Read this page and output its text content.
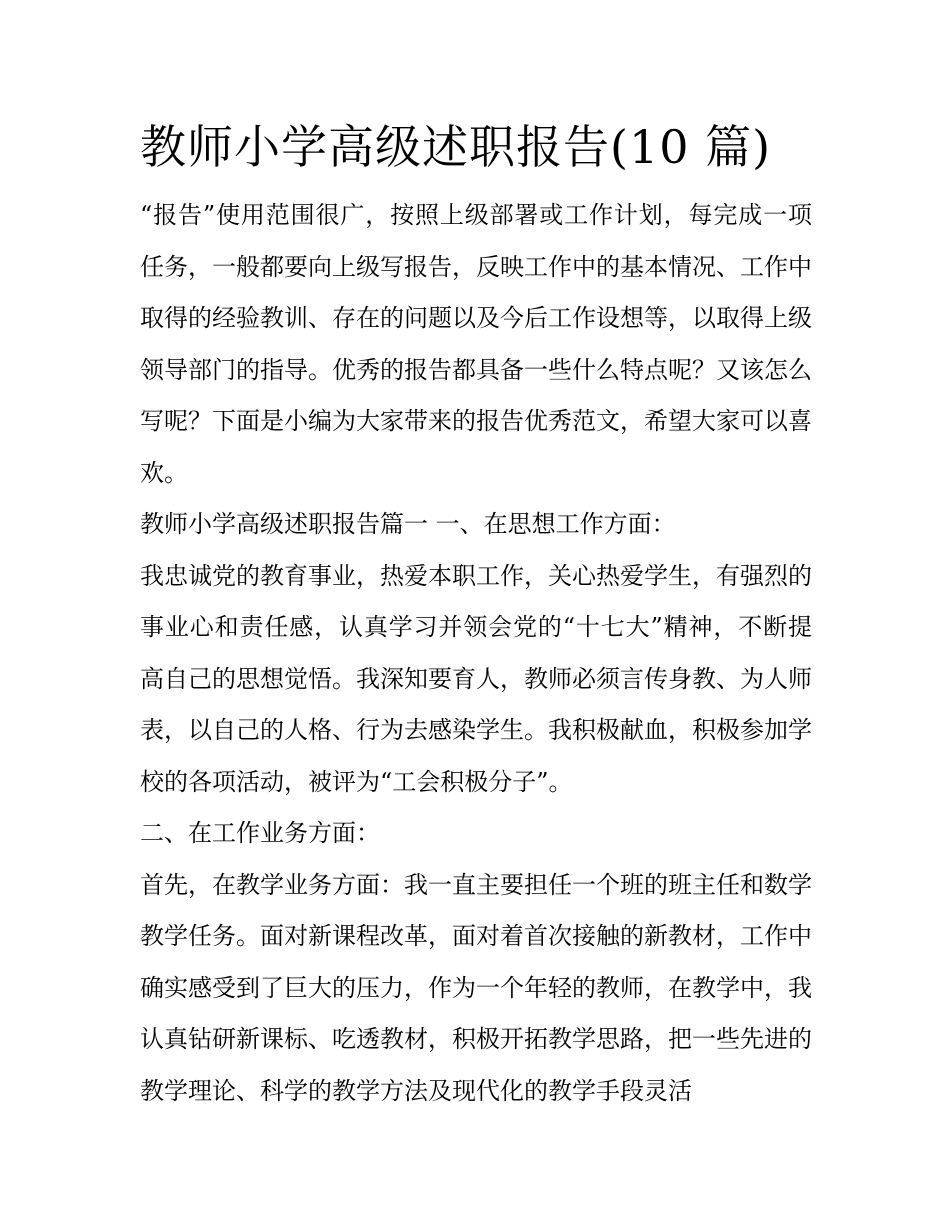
教师小学高级述职报告(10 篇)

“报告”使用范围很广，按照上级部署或工作计划，每完成一项任务，一般都要向上级写报告，反映工作中的基本情况、工作中取得的经验教训、存在的问题以及今后工作设想等，以取得上级领导部门的指导。优秀的报告都具备一些什么特点呢？又该怎么写呢？下面是小编为大家带来的报告优秀范文，希望大家可以喜欢。

教师小学高级述职报告篇一 一、在思想工作方面：

我忠诚党的教育事业，热爱本职工作，关心热爱学生，有强烈的事业心和责任感，认真学习并领会党的“十七大”精神，不断提高自己的思想觉悟。我深知要育人，教师必须言传身教、为人师表，以自己的人格、行为去感染学生。我积极献血，积极参加学校的各项活动，被评为“工会积极分子”。

二、在工作业务方面：

首先，在教学业务方面：我一直主要担任一个班的班主任和数学教学任务。面对新课程改革，面对着首次接触的新教材，工作中确实感受到了巨大的压力，作为一个年轻的教师，在教学中，我认真钻研新课标、吃透教材，积极开拓教学思路，把一些先进的教学理论、科学的教学方法及现代化的教学手段灵活
